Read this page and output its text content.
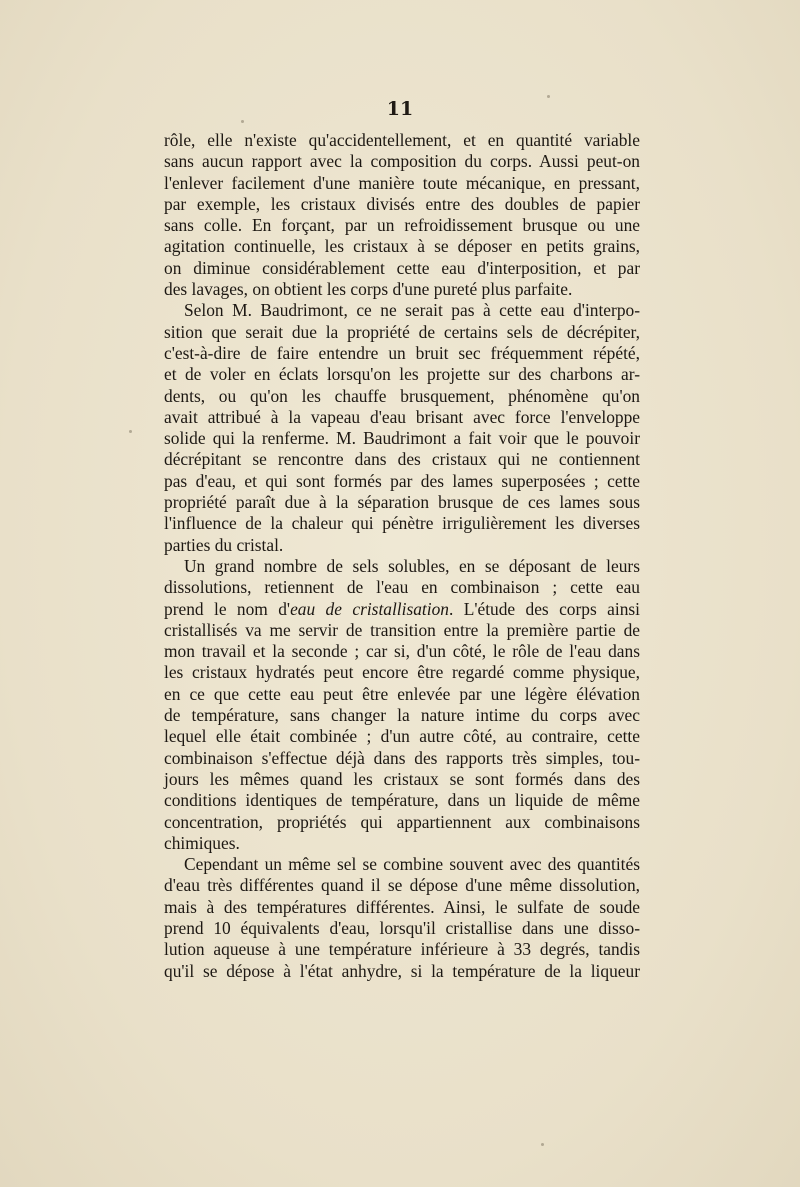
11
rôle, elle n'existe qu'accidentellement, et en quantité variable
sans aucun rapport avec la composition du corps. Aussi peut-on
l'enlever facilement d'une manière toute mécanique, en pressant,
par exemple, les cristaux divisés entre des doubles de papier
sans colle. En forçant, par un refroidissement brusque ou une
agitation continuelle, les cristaux à se déposer en petits grains,
on diminue considérablement cette eau d'interposition, et par
des lavages, on obtient les corps d'une pureté plus parfaite.
Selon M. Baudrimont, ce ne serait pas à cette eau d'interpo-
sition que serait due la propriété de certains sels de décrépiter,
c'est-à-dire de faire entendre un bruit sec fréquemment répété,
et de voler en éclats lorsqu'on les projette sur des charbons ar-
dents, ou qu'on les chauffe brusquement, phénomène qu'on
avait attribué à la vapeau d'eau brisant avec force l'enveloppe
solide qui la renferme. M. Baudrimont a fait voir que le pouvoir
décrépitant se rencontre dans des cristaux qui ne contiennent
pas d'eau, et qui sont formés par des lames superposées ; cette
propriété paraît due à la séparation brusque de ces lames sous
l'influence de la chaleur qui pénètre irrigulièrement les diverses
parties du cristal.
Un grand nombre de sels solubles, en se déposant de leurs
dissolutions, retiennent de l'eau en combinaison ; cette eau
prend le nom d'eau de cristallisation. L'étude des corps ainsi
cristallisés va me servir de transition entre la première partie de
mon travail et la seconde ; car si, d'un côté, le rôle de l'eau dans
les cristaux hydratés peut encore être regardé comme physique,
en ce que cette eau peut être enlevée par une légère élévation
de température, sans changer la nature intime du corps avec
lequel elle était combinée ; d'un autre côté, au contraire, cette
combinaison s'effectue déjà dans des rapports très simples, tou-
jours les mêmes quand les cristaux se sont formés dans des
conditions identiques de température, dans un liquide de même
concentration, propriétés qui appartiennent aux combinaisons
chimiques.
Cependant un même sel se combine souvent avec des quantités
d'eau très différentes quand il se dépose d'une même dissolution,
mais à des températures différentes. Ainsi, le sulfate de soude
prend 10 équivalents d'eau, lorsqu'il cristallise dans une disso-
lution aqueuse à une température inférieure à 33 degrés, tandis
qu'il se dépose à l'état anhydre, si la température de la liqueur
